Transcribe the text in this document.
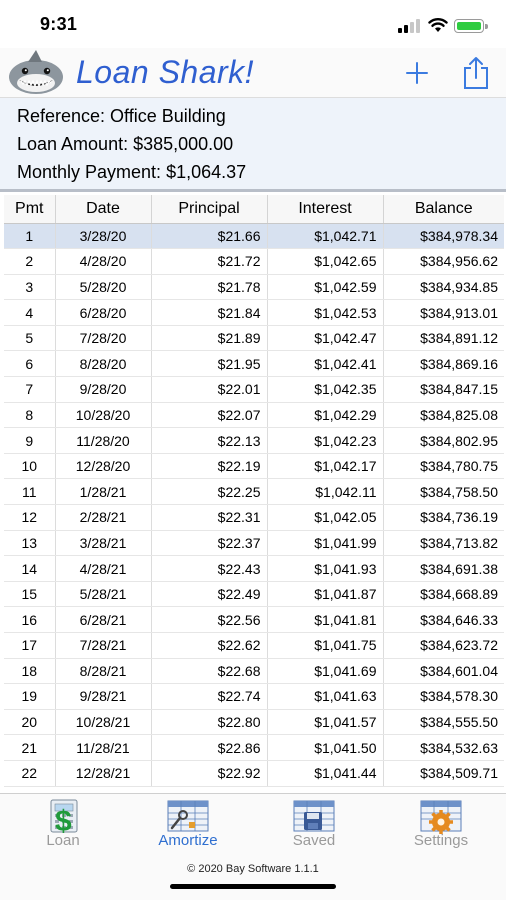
9:31
Loan Shark!
Reference: Office Building
Loan Amount: $385,000.00
Monthly Payment: $1,064.37
Pmt	Date	Principal	Interest	Balance
1	3/28/20	$21.66	$1,042.71	$384,978.34
2	4/28/20	$21.72	$1,042.65	$384,956.62
3	5/28/20	$21.78	$1,042.59	$384,934.85
4	6/28/20	$21.84	$1,042.53	$384,913.01
5	7/28/20	$21.89	$1,042.47	$384,891.12
6	8/28/20	$21.95	$1,042.41	$384,869.16
7	9/28/20	$22.01	$1,042.35	$384,847.15
8	10/28/20	$22.07	$1,042.29	$384,825.08
9	11/28/20	$22.13	$1,042.23	$384,802.95
10	12/28/20	$22.19	$1,042.17	$384,780.75
11	1/28/21	$22.25	$1,042.11	$384,758.50
12	2/28/21	$22.31	$1,042.05	$384,736.19
13	3/28/21	$22.37	$1,041.99	$384,713.82
14	4/28/21	$22.43	$1,041.93	$384,691.38
15	5/28/21	$22.49	$1,041.87	$384,668.89
16	6/28/21	$22.56	$1,041.81	$384,646.33
17	7/28/21	$22.62	$1,041.75	$384,623.72
18	8/28/21	$22.68	$1,041.69	$384,601.04
19	9/28/21	$22.74	$1,041.63	$384,578.30
20	10/28/21	$22.80	$1,041.57	$384,555.50
21	11/28/21	$22.86	$1,041.50	$384,532.63
22	12/28/21	$22.92	$1,041.44	$384,509.71
$
Loan	Amortize	Saved	Settings
© 2020 Bay Software 1.1.1
